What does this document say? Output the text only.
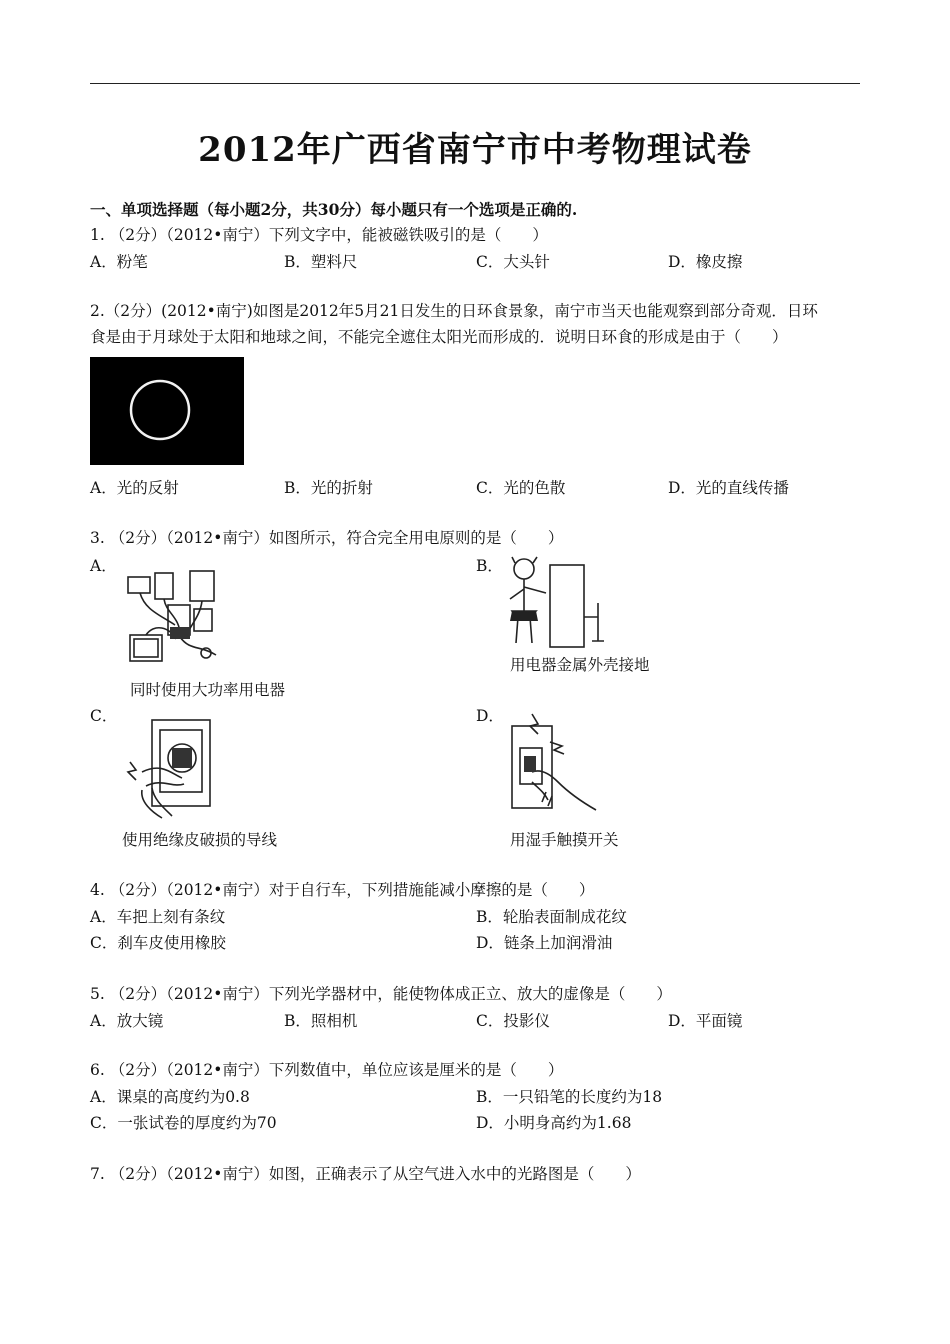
2012年广西省南宁市中考物理试卷
一、单项选择题（每小题2分，共30分）每小题只有一个选项是正确的.
1. （2分）（2012•南宁）下列文字中，能被磁铁吸引的是（　　）
A．粉笔	B．塑料尺	C．大头针	D．橡皮擦
2.（2分）(2012•南宁)如图是2012年5月21日发生的日环食景象，南宁市当天也能观察到部分奇观．日环
食是由于月球处于太阳和地球之间，不能完全遮住太阳光而形成的．说明日环食的形成是由于（　　）
A．光的反射	B．光的折射	C．光的色散	D．光的直线传播
3. （2分）（2012•南宁）如图所示，符合完全用电原则的是（　　）
A．
同时使用大功率用电器
B．
用电器金属外壳接地
C．
使用绝缘皮破损的导线
D．
用湿手触摸开关
4. （2分）（2012•南宁）对于自行车，下列措施能减小摩擦的是（　　）
A．车把上刻有条纹	B．轮胎表面制成花纹
C．刹车皮使用橡胶	D．链条上加润滑油
5. （2分）（2012•南宁）下列光学器材中，能使物体成正立、放大的虚像是（　　）
A．放大镜	B．照相机	C．投影仪	D．平面镜
6. （2分）（2012•南宁）下列数值中，单位应该是厘米的是（　　）
A．课桌的高度约为0.8	B．一只铅笔的长度约为18
C．一张试卷的厚度约为70	D．小明身高约为1.68
7. （2分）（2012•南宁）如图，正确表示了从空气进入水中的光路图是（　　）
